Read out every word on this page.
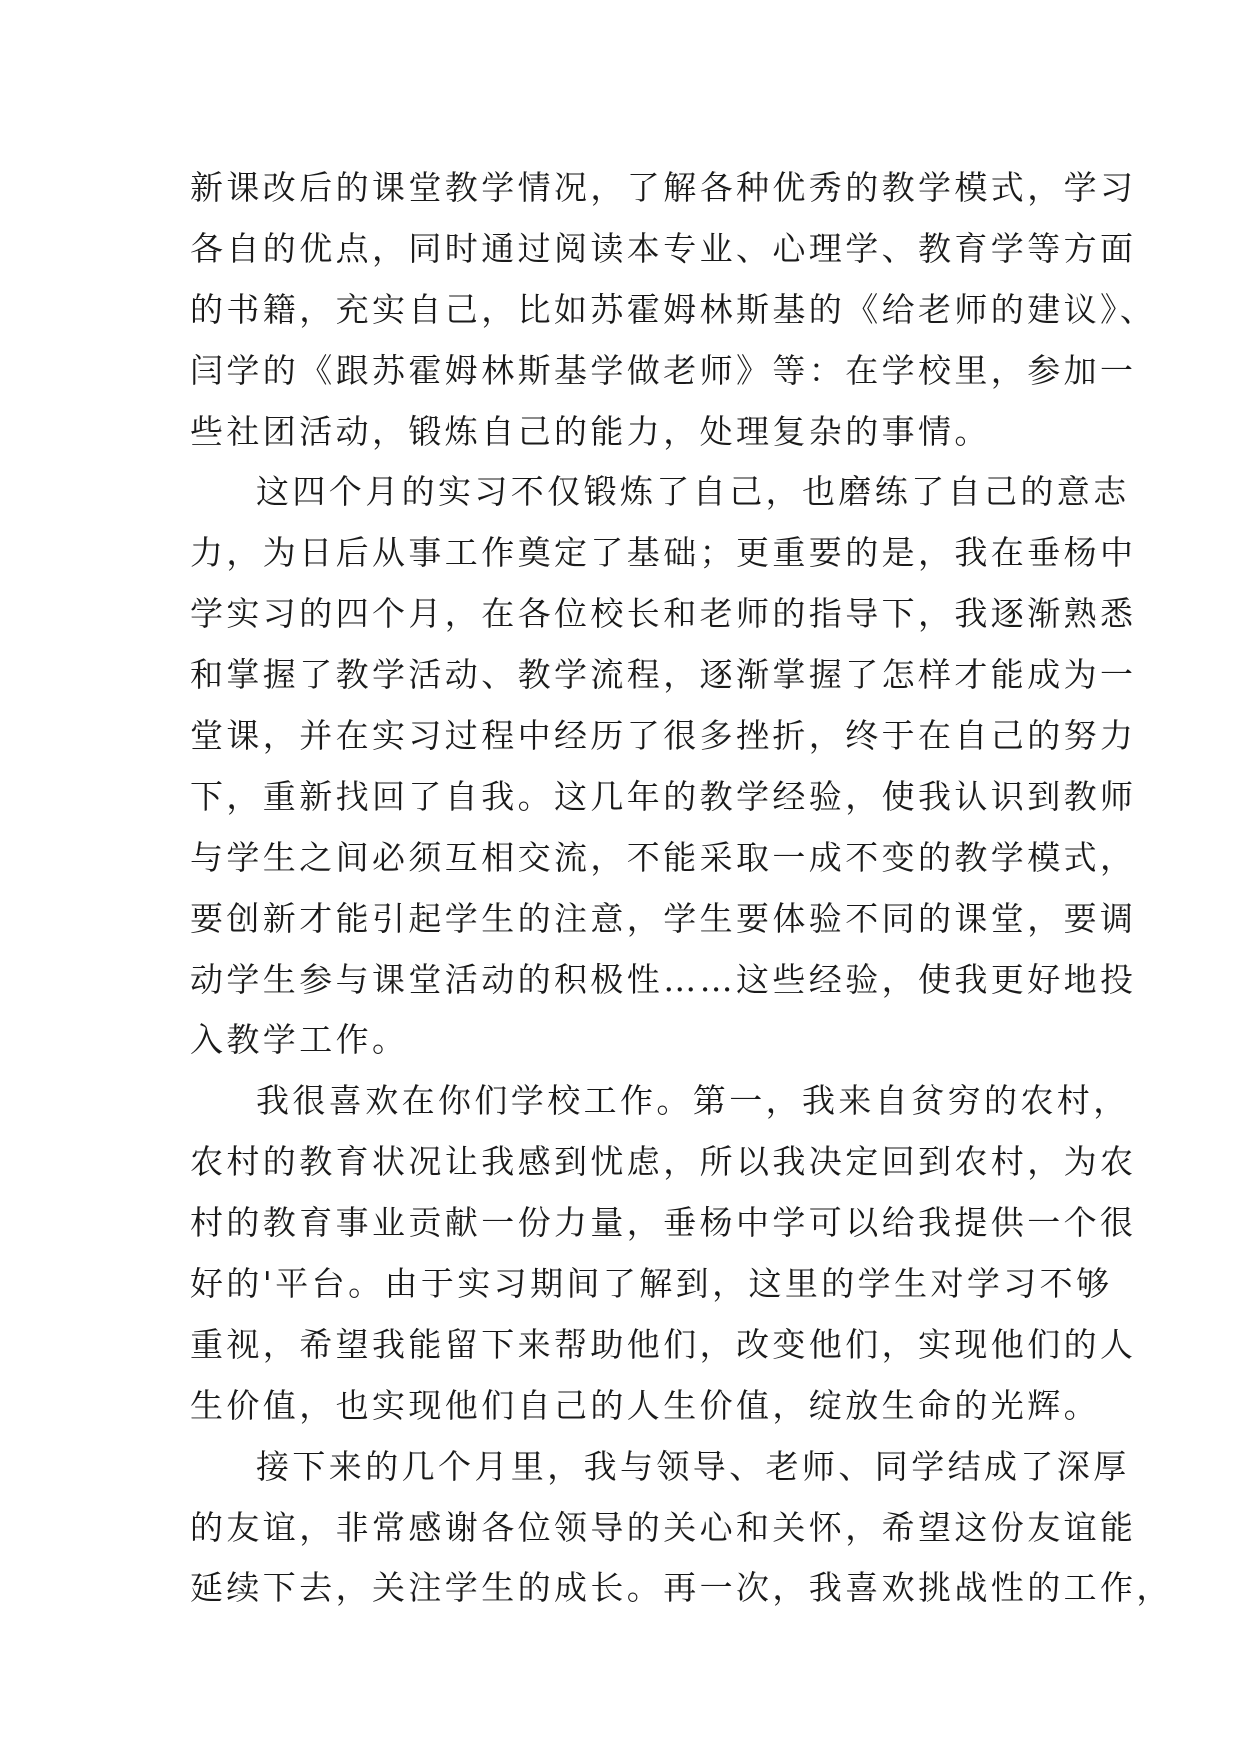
新课改后的课堂教学情况，了解各种优秀的教学模式，学习
各自的优点，同时通过阅读本专业、心理学、教育学等方面
的书籍，充实自己，比如苏霍姆林斯基的《给老师的建议》、
闫学的《跟苏霍姆林斯基学做老师》等：在学校里，参加一
些社团活动，锻炼自己的能力，处理复杂的事情。
这四个月的实习不仅锻炼了自己，也磨练了自己的意志
力，为日后从事工作奠定了基础；更重要的是，我在垂杨中
学实习的四个月，在各位校长和老师的指导下，我逐渐熟悉
和掌握了教学活动、教学流程，逐渐掌握了怎样才能成为一
堂课，并在实习过程中经历了很多挫折，终于在自己的努力
下，重新找回了自我。这几年的教学经验，使我认识到教师
与学生之间必须互相交流，不能采取一成不变的教学模式，
要创新才能引起学生的注意，学生要体验不同的课堂，要调
动学生参与课堂活动的积极性……这些经验，使我更好地投
入教学工作。
我很喜欢在你们学校工作。第一，我来自贫穷的农村，
农村的教育状况让我感到忧虑，所以我决定回到农村，为农
村的教育事业贡献一份力量，垂杨中学可以给我提供一个很
好的'平台。由于实习期间了解到，这里的学生对学习不够
重视，希望我能留下来帮助他们，改变他们，实现他们的人
生价值，也实现他们自己的人生价值，绽放生命的光辉。
接下来的几个月里，我与领导、老师、同学结成了深厚
的友谊，非常感谢各位领导的关心和关怀，希望这份友谊能
延续下去，关注学生的成长。再一次，我喜欢挑战性的工作，
